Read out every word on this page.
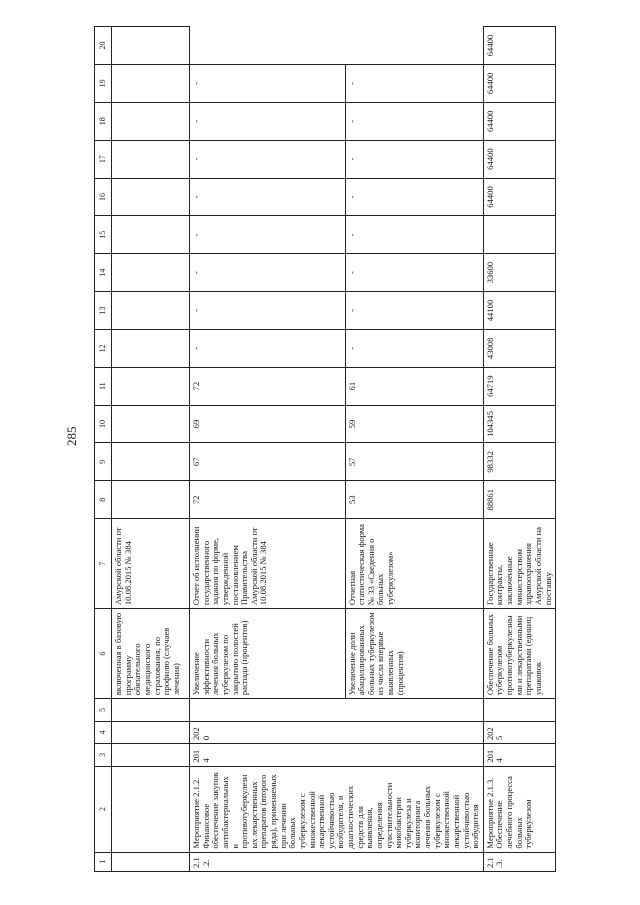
285
1	2	3	4	5	6	7	8	9	10	11	12	13	14	15	16	17	18	19	20
					включенная в базовую программу обязательного медицинского страхования, по профилю (случаев лечения)	Амурской области от 10.08.2015 № 384													
2.1.2.	Мероприятие 2.1.2. Финансовое обеспечение закупок антибактериальных и противотуберкулезных лекарственных препаратов (второго ряда), применяемых при лечении больных туберкулезом с множественной лекарственной устойчивостью возбудителя, и диагностических средств для выявления, определения чувствительности микобактерии туберкулеза и мониторинга лечения больных туберкулезом с множественной лекарственной устойчивостью возбудителя	2014	2020		Увеличение эффективности лечения больных туберкулезом по закрытию полостей распада (процентов)	Отчет об исполнении государственного задания по форме, утвержденной постановлением Правительства Амурской области от 10.08.2015 № 384	72	67	69	72	-	-	-	-	-	-	-	-	
					Увеличение доли абациллированных больных туберкулезом из числа впервые выявленных (процентов)	Отчетная статистическая форма № 33 «Сведения о больных туберкулезом»	53	57	59	61	-	-	-	-	-	-	-	-	
2.1.3.	Мероприятие 2.1.3. Обеспечение лечебного процесса больных туберкулезом	2014	2025		Обеспечение больных туберкулезом противотуберкулезными и лекарственными препаратами (единиц упаковок	Государственные контракты, заключенные министерством здравоохранения Амурской области на поставку	88861	98332	104345	64719	43008	44100	33600		64400	64400	64400	64400	64400
